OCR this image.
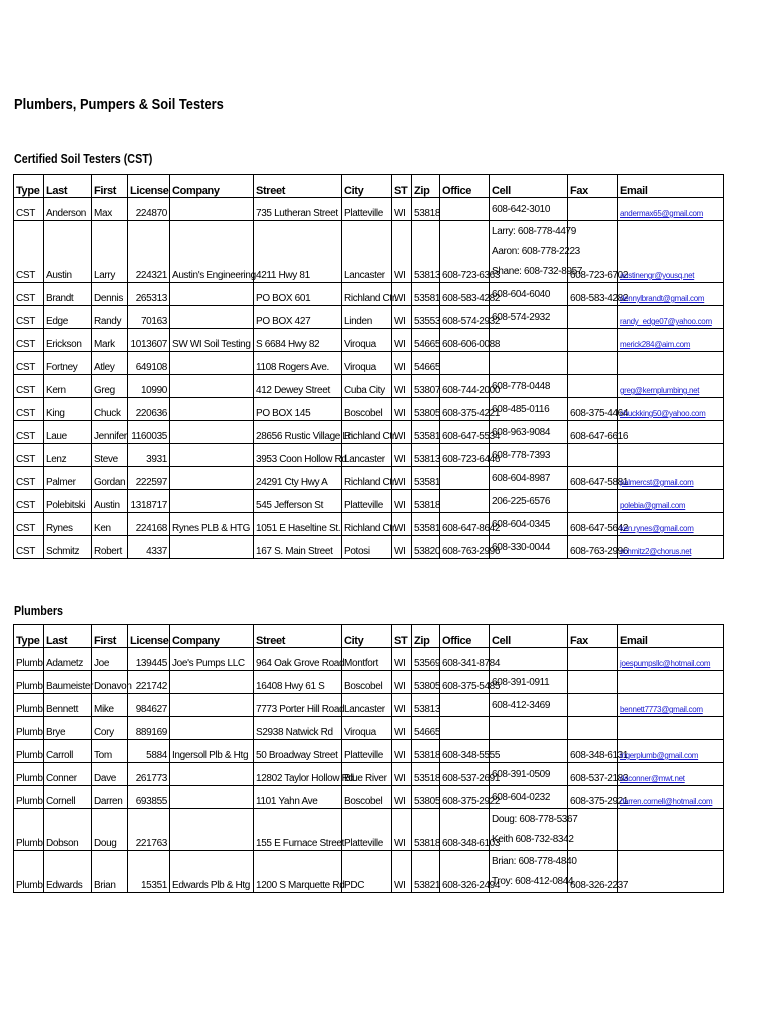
Plumbers, Pumpers & Soil Testers
Certified Soil Testers (CST)
Type	Last	First	License	Company	Street	City	ST	Zip	Office	Cell	Fax	Email
CST	Anderson	Max	224870		735 Lutheran Street	Platteville	WI	53818		608-642-3010		andermax65@gmail.com
CST	Austin	Larry	224321	Austin's Engineering	4211 Hwy 81	Lancaster	WI	53813	608-723-6363	Larry: 608-778-4479
Aaron: 608-778-2223
Shane: 608-732-8957	608-723-6702	austinengr@yousq.net
CST	Brandt	Dennis	265313		PO BOX 601	Richland Ctr.	WI	53581	608-583-4282	608-604-6040	608-583-4282	dennylbrandt@gmail.com
CST	Edge	Randy	70163		PO BOX 427	Linden	WI	53553	608-574-2932	608-574-2932		randy_edge07@yahoo.com
CST	Erickson	Mark	1013607	SW WI Soil Testing	S 6684 Hwy 82	Viroqua	WI	54665	608-606-0088			merick284@aim.com
CST	Fortney	Atley	649108		1108 Rogers Ave.	Viroqua	WI	54665		

CST	Kern	Greg	10990		412 Dewey Street	Cuba City	WI	53807	608-744-2000	608-778-0448		greg@kernplumbing.net
CST	King	Chuck	220636		PO BOX 145	Boscobel	WI	53805	608-375-4221	608-485-0116	608-375-4464	chuckking50@yahoo.com
CST	Laue	Jennifer	1160035		28656 Rustic Village Ln.	Richland Ctr.	WI	53581	608-647-5534	608-963-9084	608-647-6616	
CST	Lenz	Steve	3931		3953 Coon Hollow Rd	Lancaster	WI	53813	608-723-6446	608-778-7393		

CST	Palmer	Gordan	222597		24291 Cty Hwy A	Richland Ctr.	WI	53581		608-604-8987	608-647-5881	palmercst@gmail.com
CST	Polebitski	Austin	1318717		545 Jefferson St	Platteville	WI	53818		206-225-6576		polebia@gmail.com
CST	Rynes	Ken	224168	Rynes PLB & HTG	1051 E Haseltine St.	Richland Ctr.	WI	53581	608-647-8642	608-604-0345	608-647-5642	ken.rynes@gmail.com
CST	Schmitz	Robert	4337		167 S. Main Street	Potosi	WI	53820	608-763-2996	608-330-0044	608-763-2996	schmitz2@chorus.net
Plumbers
Type	Last	First	License	Company	Street	City	ST	Zip	Office	Cell	Fax	Email
Plumb	Adametz	Joe	139445	Joe's Pumps LLC	964 Oak Grove Road	Montfort	WI	53569	608-341-8784			joespumpsllc@hotmail.com
Plumb	Baumeister	Donavon	221742		16408 Hwy 61 S	Boscobel	WI	53805	608-375-5485	608-391-0911		

Plumb	Bennett	Mike	984627		7773 Porter Hill Road	Lancaster	WI	53813		608-412-3469		bennett7773@gmail.com
Plumb	Brye	Cory	889169		S2938 Natwick Rd	Viroqua	WI	54665		

Plumb	Carroll	Tom	5884	Ingersoll Plb & Htg	50 Broadway Street	Platteville	WI	53818	608-348-5555		608-348-6131	ingerplumb@gmail.com
Plumb	Conner	Dave	261773		12802 Taylor Hollow Rd.	Blue River	WI	53518	608-537-2691	608-391-0509	608-537-2183	daconner@mwt.net
Plumb	Cornell	Darren	693855		1101 Yahn Ave	Boscobel	WI	53805	608-375-2922	608-604-0232	608-375-2921	darren.cornell@hotmail.com
Plumb	Dobson	Doug	221763		155 E Furnace Street	Platteville	WI	53818	608-348-6103	Doug: 608-778-5367
Keith 608-732-8342		

Plumb	Edwards	Brian	15351	Edwards Plb & Htg	1200 S Marquette Rd	PDC	WI	53821	608-326-2494	Brian: 608-778-4840
Troy: 608-412-0844	608-326-2237	
